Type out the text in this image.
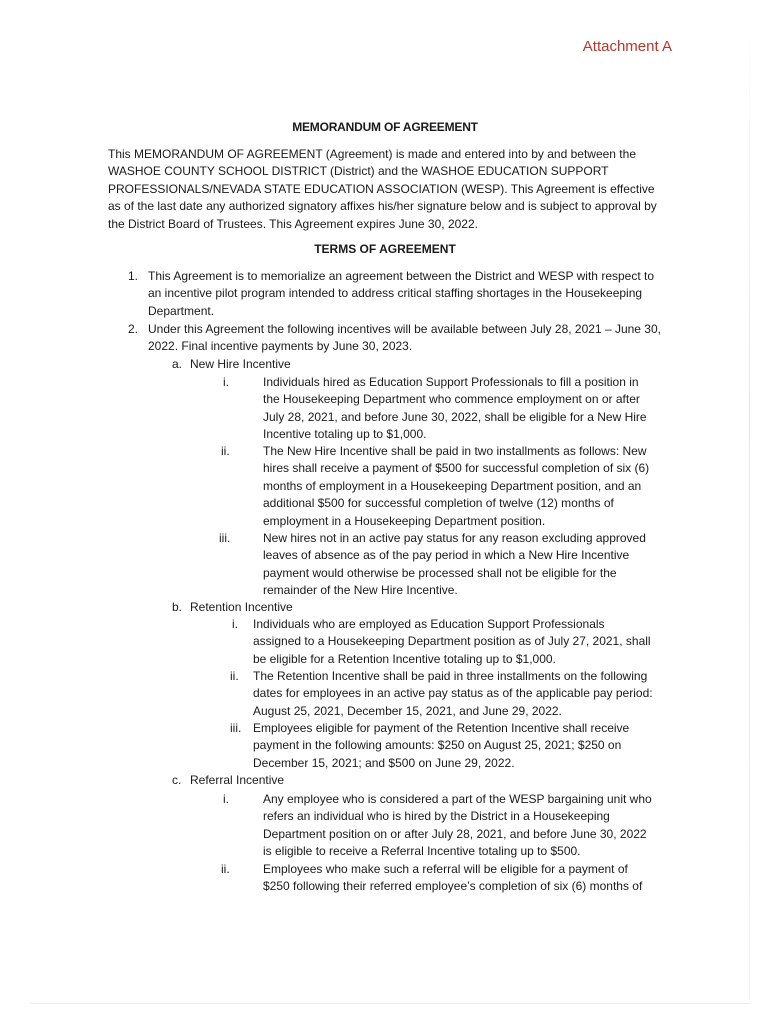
Attachment A
MEMORANDUM OF AGREEMENT
This MEMORANDUM OF AGREEMENT (Agreement) is made and entered into by and between the WASHOE COUNTY SCHOOL DISTRICT (District) and the WASHOE EDUCATION SUPPORT PROFESSIONALS/NEVADA STATE EDUCATION ASSOCIATION (WESP). This Agreement is effective as of the last date any authorized signatory affixes his/her signature below and is subject to approval by the District Board of Trustees. This Agreement expires June 30, 2022.
TERMS OF AGREEMENT
1. This Agreement is to memorialize an agreement between the District and WESP with respect to an incentive pilot program intended to address critical staffing shortages in the Housekeeping Department.
2. Under this Agreement the following incentives will be available between July 28, 2021 – June 30, 2022. Final incentive payments by June 30, 2023.
a. New Hire Incentive
i.	Individuals hired as Education Support Professionals to fill a position in the Housekeeping Department who commence employment on or after July 28, 2021, and before June 30, 2022, shall be eligible for a New Hire Incentive totaling up to $1,000.
ii.	The New Hire Incentive shall be paid in two installments as follows: New hires shall receive a payment of $500 for successful completion of six (6) months of employment in a Housekeeping Department position, and an additional $500 for successful completion of twelve (12) months of employment in a Housekeeping Department position.
iii.	New hires not in an active pay status for any reason excluding approved leaves of absence as of the pay period in which a New Hire Incentive payment would otherwise be processed shall not be eligible for the remainder of the New Hire Incentive.
b. Retention Incentive
i. Individuals who are employed as Education Support Professionals assigned to a Housekeeping Department position as of July 27, 2021, shall be eligible for a Retention Incentive totaling up to $1,000.
ii. The Retention Incentive shall be paid in three installments on the following dates for employees in an active pay status as of the applicable pay period: August 25, 2021, December 15, 2021, and June 29, 2022.
iii. Employees eligible for payment of the Retention Incentive shall receive payment in the following amounts: $250 on August 25, 2021; $250 on December 15, 2021; and $500 on June 29, 2022.
c. Referral Incentive
i.	Any employee who is considered a part of the WESP bargaining unit who refers an individual who is hired by the District in a Housekeeping Department position on or after July 28, 2021, and before June 30, 2022 is eligible to receive a Referral Incentive totaling up to $500.
ii.	Employees who make such a referral will be eligible for a payment of $250 following their referred employee’s completion of six (6) months of
